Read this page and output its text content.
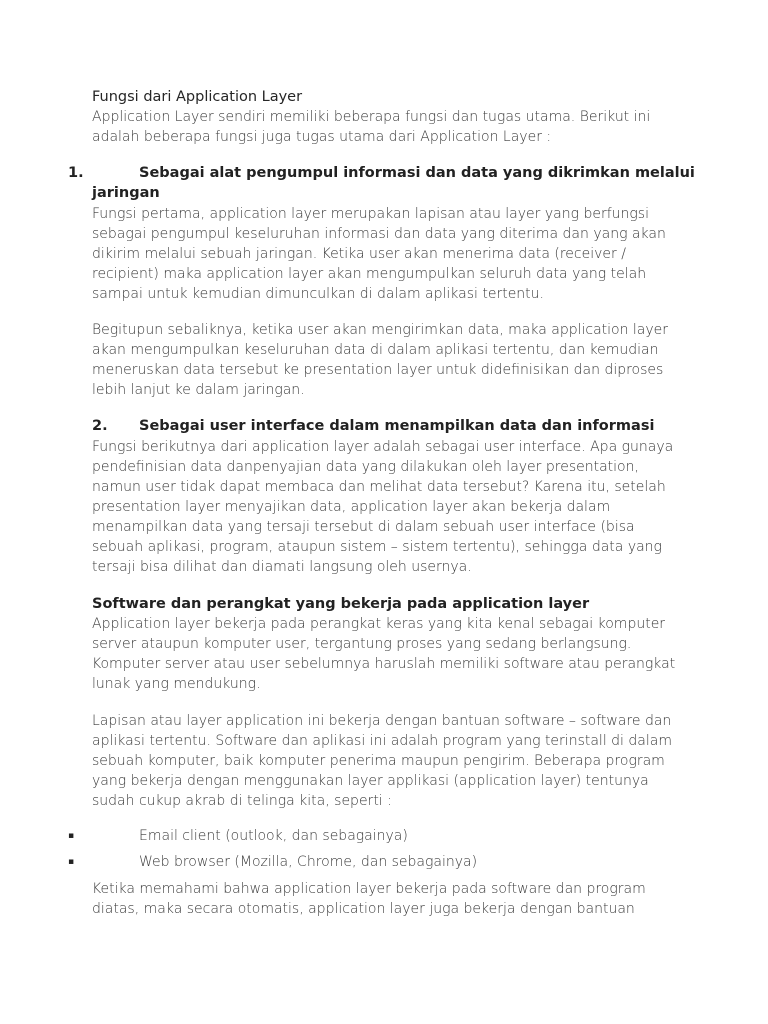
Fungsi dari Application Layer
Application Layer sendiri memiliki beberapa fungsi dan tugas utama. Berikut ini adalah beberapa fungsi juga tugas utama dari Application Layer :
1.	Sebagai alat pengumpul informasi dan data yang dikrimkan melalui
jaringan
Fungsi pertama, application layer merupakan lapisan atau layer yang berfungsi sebagai pengumpul keseluruhan informasi dan data yang diterima dan yang akan dikirim melalui sebuah jaringan. Ketika user akan menerima data (receiver / recipient) maka application layer akan mengumpulkan seluruh data yang telah sampai untuk kemudian dimunculkan di dalam aplikasi tertentu.
Begitupun sebaliknya, ketika user akan mengirimkan data, maka application layer akan mengumpulkan keseluruhan data di dalam aplikasi tertentu, dan kemudian meneruskan data tersebut ke presentation layer untuk didefinisikan dan diproses lebih lanjut ke dalam jaringan.
2. Sebagai user interface dalam menampilkan data dan informasi
Fungsi berikutnya dari application layer adalah sebagai user interface. Apa gunaya pendefinisian data danpenyajian data yang dilakukan oleh layer presentation, namun user tidak dapat membaca dan melihat data tersebut? Karena itu, setelah presentation layer menyajikan data, application layer akan bekerja dalam menampilkan data yang tersaji tersebut di dalam sebuah user interface (bisa sebuah aplikasi, program, ataupun sistem – sistem tertentu), sehingga data yang tersaji bisa dilihat dan diamati langsung oleh usernya.
Software dan perangkat yang bekerja pada application layer
Application layer bekerja pada perangkat keras yang kita kenal sebagai komputer server ataupun komputer user, tergantung proses yang sedang berlangsung. Komputer server atau user sebelumnya haruslah memiliki software atau perangkat lunak yang mendukung.
Lapisan atau layer application ini bekerja dengan bantuan software – software dan aplikasi tertentu. Software dan aplikasi ini adalah program yang terinstall di dalam sebuah komputer, baik komputer penerima maupun pengirim. Beberapa program yang bekerja dengan menggunakan layer applikasi (application layer) tentunya sudah cukup akrab di telinga kita, seperti :
▪	Email client (outlook, dan sebagainya)
▪	Web browser (Mozilla, Chrome, dan sebagainya)
Ketika memahami bahwa application layer bekerja pada software dan program diatas, maka secara otomatis, application layer juga bekerja dengan bantuan
